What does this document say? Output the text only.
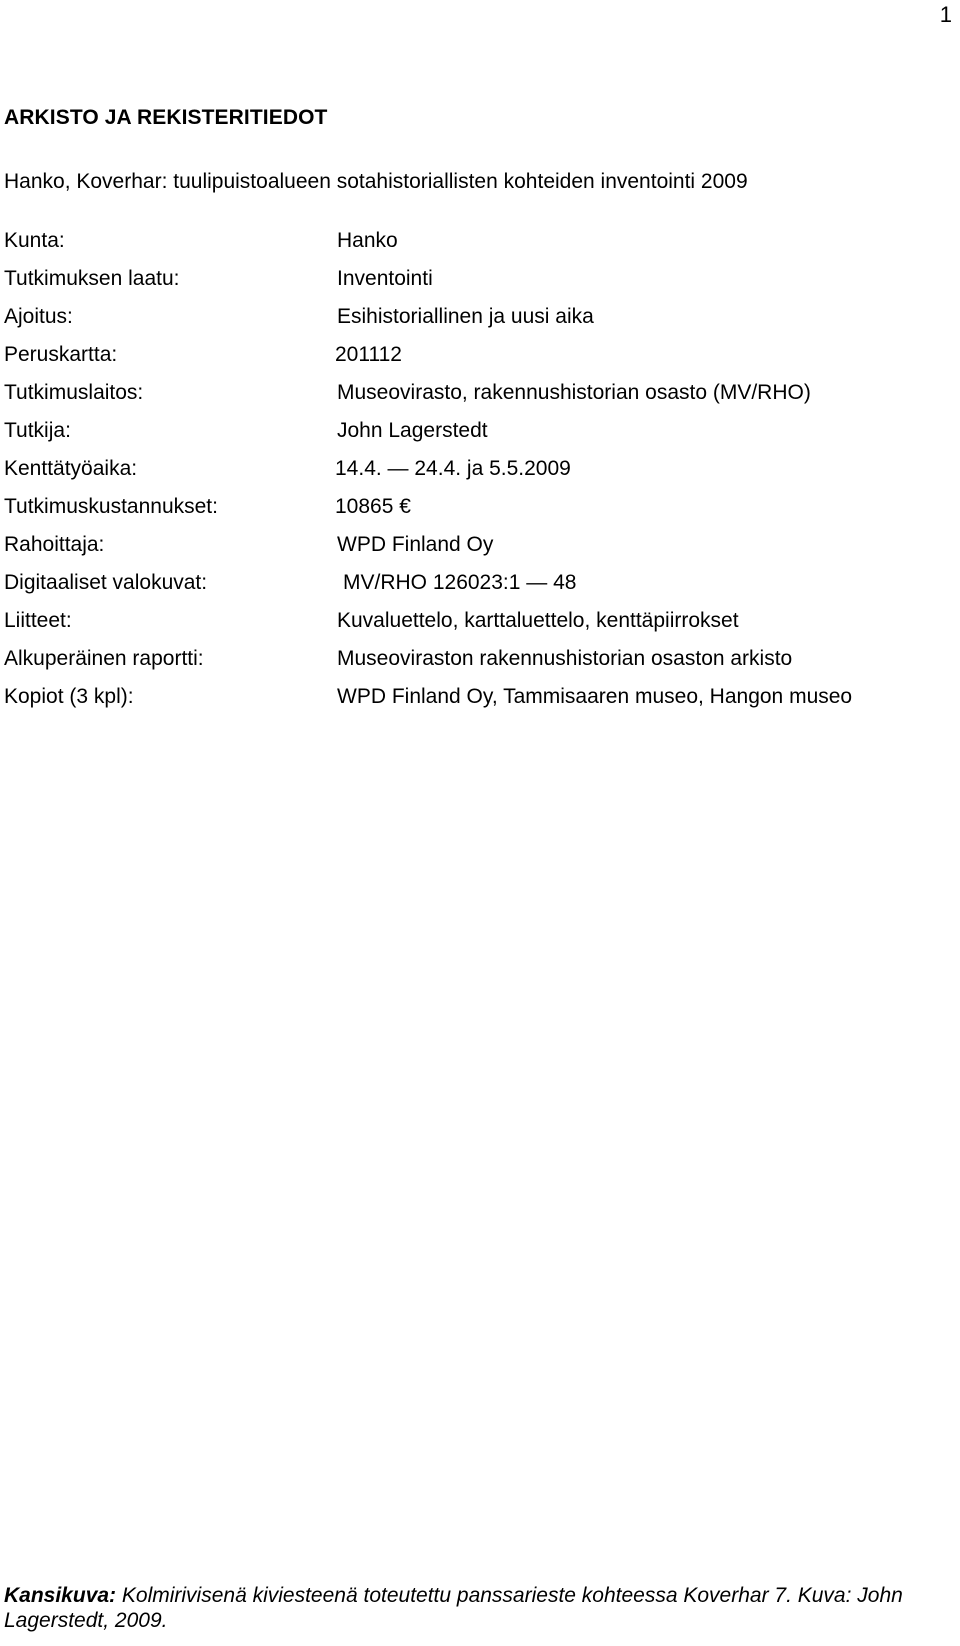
1
ARKISTO JA REKISTERITIEDOT
Hanko, Koverhar: tuulipuistoalueen sotahistoriallisten kohteiden inventointi 2009
Kunta:	Hanko
Tutkimuksen laatu:	Inventointi
Ajoitus:	Esihistoriallinen ja uusi aika
Peruskartta:	201112
Tutkimuslaitos:	Museovirasto, rakennushistorian osasto (MV/RHO)
Tutkija:	John Lagerstedt
Kenttätyöaika:	14.4. — 24.4. ja 5.5.2009
Tutkimuskustannukset:	10865 €
Rahoittaja:	WPD Finland Oy
Digitaaliset valokuvat:	MV/RHO 126023:1 — 48
Liitteet:	Kuvaluettelo, karttaluettelo, kenttäpiirrokset
Alkuperäinen raportti:	Museoviraston rakennushistorian osaston arkisto
Kopiot (3 kpl):	WPD Finland Oy, Tammisaaren museo, Hangon museo
Kansikuva: Kolmirivisenä kiviesteenä toteutettu panssarieste kohteessa Koverhar 7. Kuva: John Lagerstedt, 2009.
